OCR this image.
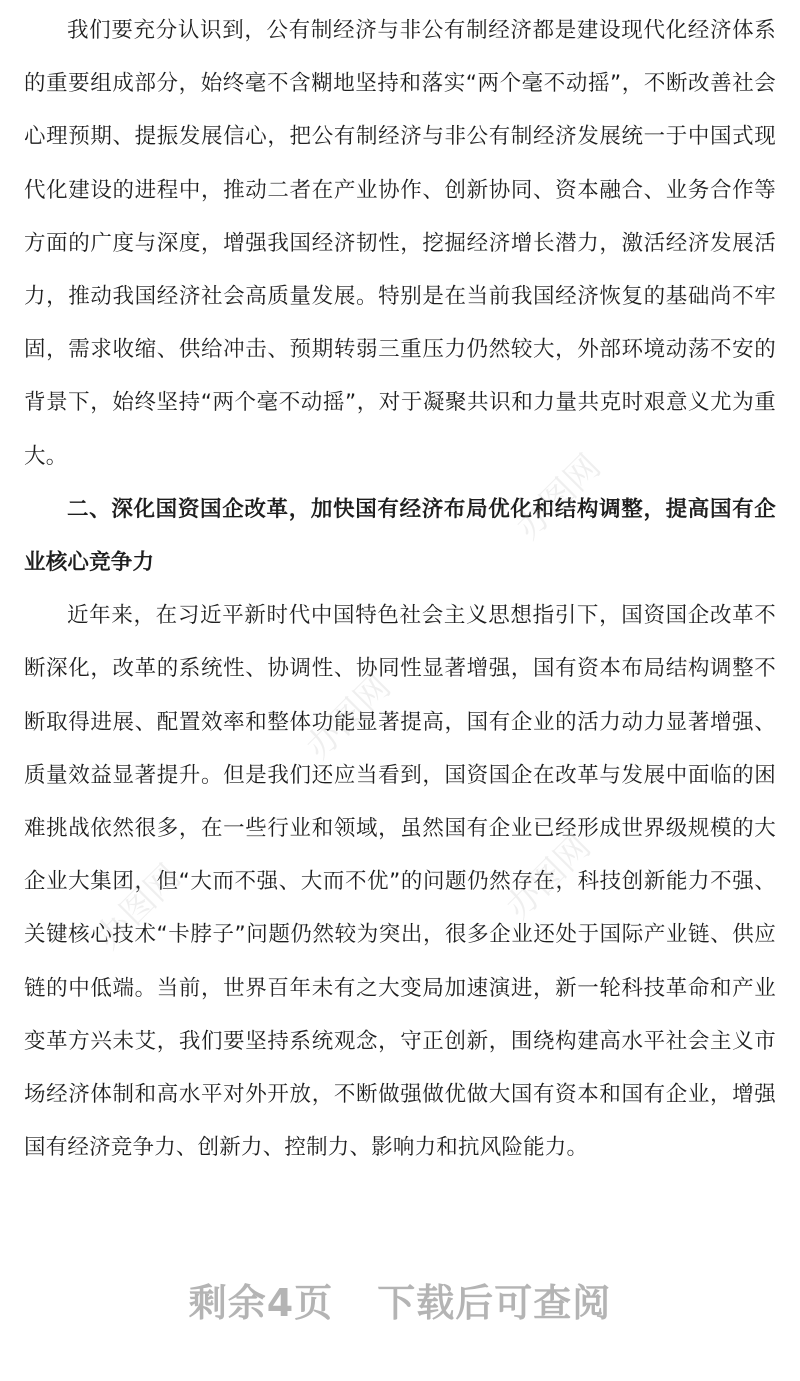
我们要充分认识到，公有制经济与非公有制经济都是建设现代化经济体系的重要组成部分，始终毫不含糊地坚持和落实“两个毫不动摇”，不断改善社会心理预期、提振发展信心，把公有制经济与非公有制经济发展统一于中国式现代化建设的进程中，推动二者在产业协作、创新协同、资本融合、业务合作等方面的广度与深度，增强我国经济韧性，挖掘经济增长潜力，激活经济发展活力，推动我国经济社会高质量发展。特别是在当前我国经济恢复的基础尚不牢固，需求收缩、供给冲击、预期转弱三重压力仍然较大，外部环境动荡不安的背景下，始终坚持“两个毫不动摇”，对于凝聚共识和力量共克时艰意义尤为重大。

二、深化国资国企改革，加快国有经济布局优化和结构调整，提高国有企业核心竞争力

近年来，在习近平新时代中国特色社会主义思想指引下，国资国企改革不断深化，改革的系统性、协调性、协同性显著增强，国有资本布局结构调整不断取得进展、配置效率和整体功能显著提高，国有企业的活力动力显著增强、质量效益显著提升。但是我们还应当看到，国资国企在改革与发展中面临的困难挑战依然很多，在一些行业和领域，虽然国有企业已经形成世界级规模的大企业大集团，但“大而不强、大而不优”的问题仍然存在，科技创新能力不强、关键核心技术“卡脖子”问题仍然较为突出，很多企业还处于国际产业链、供应链的中低端。当前，世界百年未有之大变局加速演进，新一轮科技革命和产业变革方兴未艾，我们要坚持系统观念，守正创新，围绕构建高水平社会主义市场经济体制和高水平对外开放，不断做强做优做大国有资本和国有企业，增强国有经济竞争力、创新力、控制力、影响力和抗风险能力。

办图网
办图网
办图网
办图网
剩余4页 下载后可查阅
